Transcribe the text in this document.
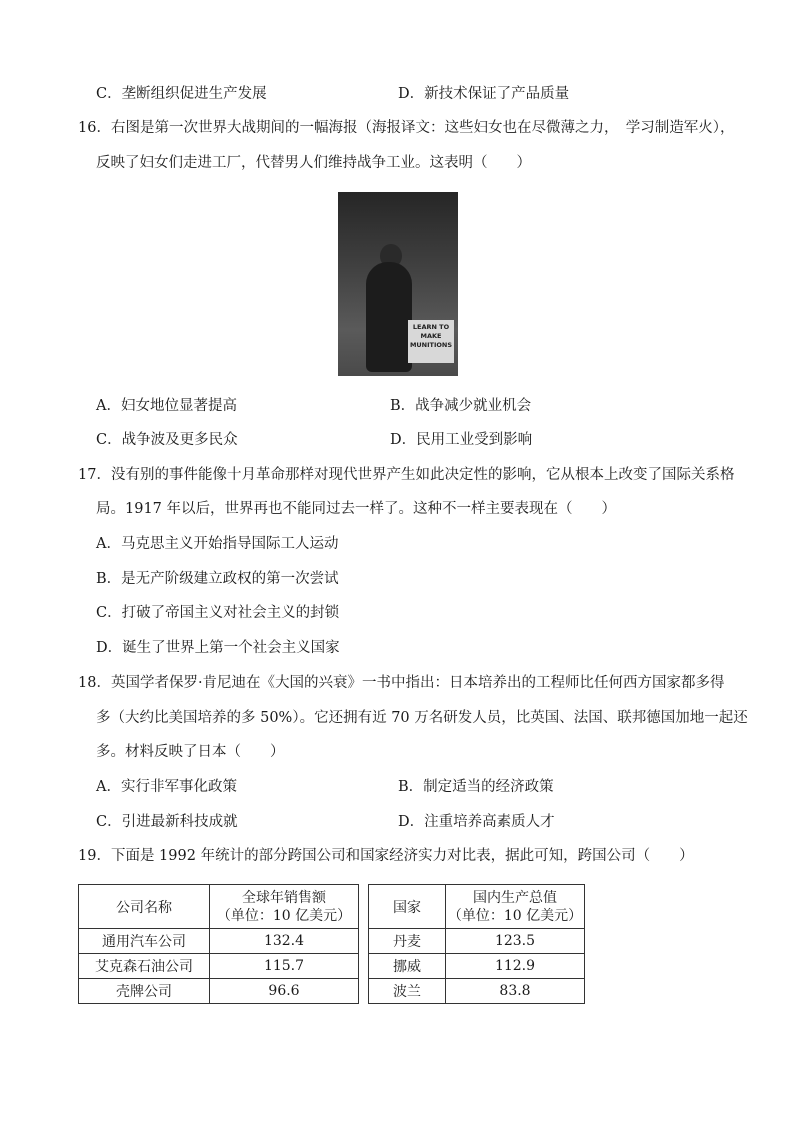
C．垄断组织促进生产发展	D．新技术保证了产品质量
16．右图是第一次世界大战期间的一幅海报（海报译文：这些妇女也在尽微薄之力，　学习制造军火），
反映了妇女们走进工厂，代替男人们维持战争工业。这表明（　　）
LEARN TO
MAKE
MUNITIONS
A．妇女地位显著提高	B．战争减少就业机会
C．战争波及更多民众	D．民用工业受到影响
17．没有别的事件能像十月革命那样对现代世界产生如此决定性的影响，它从根本上改变了国际关系格
局。1917 年以后，世界再也不能同过去一样了。这种不一样主要表现在（　　）
A．马克思主义开始指导国际工人运动
B．是无产阶级建立政权的第一次尝试
C．打破了帝国主义对社会主义的封锁
D．诞生了世界上第一个社会主义国家
18．英国学者保罗·肯尼迪在《大国的兴衰》一书中指出：日本培养出的工程师比任何西方国家都多得
多（大约比美国培养的多 50%）。它还拥有近 70 万名研发人员，比英国、法国、联邦德国加地一起还
多。材料反映了日本（　　）
A．实行非军事化政策	B．制定适当的经济政策
C．引进最新科技成就	D．注重培养高素质人才
19．下面是 1992 年统计的部分跨国公司和国家经济实力对比表，据此可知，跨国公司（　　）
公司名称	全球年销售额
（单位：10 亿美元）

通用汽车公司	132.4
艾克森石油公司	115.7
壳牌公司	96.6
国家	国内生产总值
（单位：10 亿美元）

丹麦	123.5
挪威	112.9
波兰	83.8
